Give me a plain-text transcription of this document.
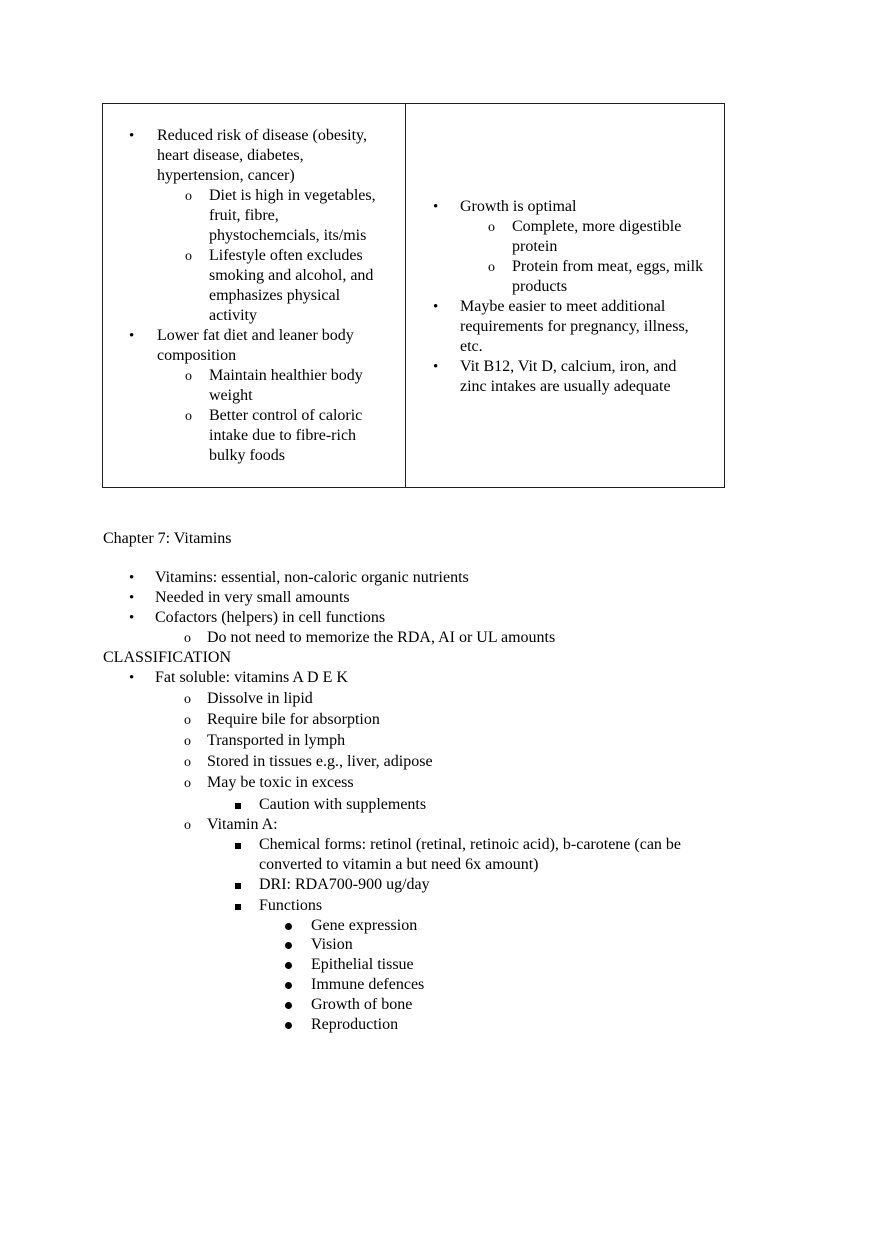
•
Reduced risk of disease (obesity,
heart disease, diabetes,
hypertension, cancer)
o
Diet is high in vegetables,
fruit, fibre,
phystochemcials, its/mis
o
Lifestyle often excludes
smoking and alcohol, and
emphasizes physical
activity
•
Lower fat diet and leaner body
composition
o
Maintain healthier body
weight
o
Better control of caloric
intake due to fibre-rich
bulky foods
•
Growth is optimal
o
Complete, more digestible
protein
o
Protein from meat, eggs, milk
products
•
Maybe easier to meet additional
requirements for pregnancy, illness,
etc.
•
Vit B12, Vit D, calcium, iron, and
zinc intakes are usually adequate
Chapter 7: Vitamins
•
Vitamins: essential, non-caloric organic nutrients
•
Needed in very small amounts
•
Cofactors (helpers) in cell functions
o
Do not need to memorize the RDA, AI or UL amounts
CLASSIFICATION
•
Fat soluble: vitamins A D E K
o
Dissolve in lipid
o
Require bile for absorption
o
Transported in lymph
o
Stored in tissues e.g., liver, adipose
o
May be toxic in excess
Caution with supplements
o
Vitamin A:
Chemical forms: retinol (retinal, retinoic acid), b-carotene (can be
converted to vitamin a but need 6x amount)
DRI: RDA700-900 ug/day
Functions
Gene expression
Vision
Epithelial tissue
Immune defences
Growth of bone
Reproduction
